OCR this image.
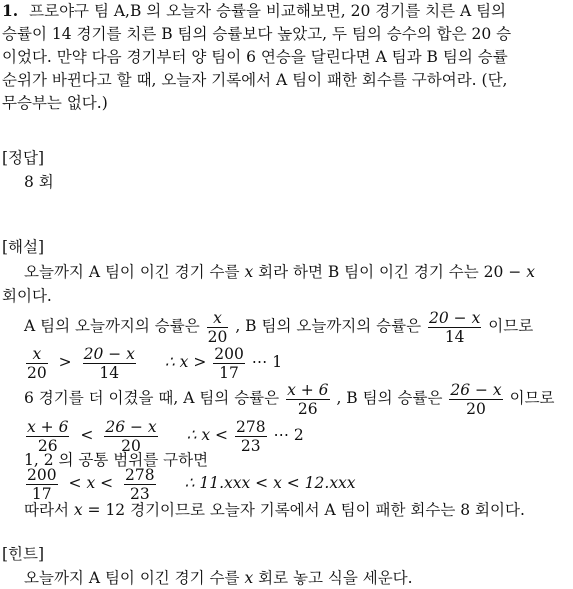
1. 프로야구 팀 A,B 의 오늘자 승률을 비교해보면, 20 경기를 치른 A 팀의
승률이 14 경기를 치른 B 팀의 승률보다 높았고, 두 팀의 승수의 합은 20 승
이었다. 만약 다음 경기부터 양 팀이 6 연승을 달린다면 A 팀과 B 팀의 승률
순위가 바뀐다고 할 때, 오늘자 기록에서 A 팀이 패한 회수를 구하여라. (단,
무승부는 없다.)
[정답]
8 회
[해설]
오늘까지 A 팀이 이긴 경기 수를 x 회라 하면 B 팀이 이긴 경기 수는 20 − x
회이다.
A 팀의 오늘까지의 승률은 $\frac{x}{20}$ , B 팀의 오늘까지의 승률은 $\frac{20 - x}{14}$ 이므로
$\frac{x}{20} > \frac{20 - x}{14}$ ∴ $x > \frac{200}{17}$ ⋯ 1
6 경기를 더 이겼을 때, A 팀의 승률은 $\frac{x + 6}{26}$ , B 팀의 승률은 $\frac{26 - x}{20}$ 이므로
$\frac{x + 6}{26} < \frac{26 - x}{20}$ ∴ $x < \frac{278}{23}$ ⋯ 2
1, 2 의 공통 범위를 구하면
$\frac{200}{17} < x < \frac{278}{23}$ ∴ 11.xxx < x < 12.xxx
따라서 x = 12 경기이므로 오늘자 기록에서 A 팀이 패한 회수는 8 회이다.
[힌트]
오늘까지 A 팀이 이긴 경기 수를 x 회로 놓고 식을 세운다.
